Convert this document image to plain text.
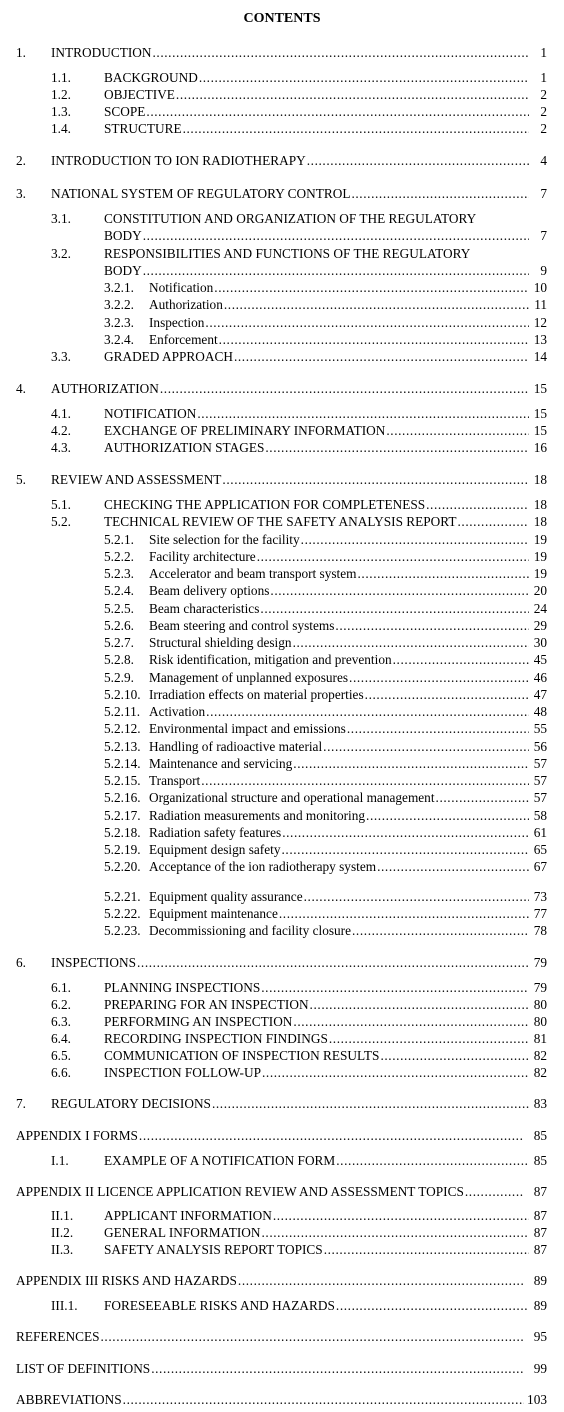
CONTENTS
1.	INTRODUCTION .....	1
1.1.	BACKGROUND .....	1
1.2.	OBJECTIVE .....	2
1.3.	SCOPE .....	2
1.4.	STRUCTURE .....	2
2.	INTRODUCTION TO ION RADIOTHERAPY .....	4
3.	NATIONAL SYSTEM OF REGULATORY CONTROL .....	7
3.1.	CONSTITUTION AND ORGANIZATION OF THE REGULATORY
BODY .....	7
3.2.	RESPONSIBILITIES AND FUNCTIONS OF THE REGULATORY
BODY .....	9
3.2.1.	Notification .....	10
3.2.2.	Authorization .....	11
3.2.3.	Inspection .....	12
3.2.4.	Enforcement .....	13
3.3.	GRADED APPROACH .....	14
4.	AUTHORIZATION .....	15
4.1.	NOTIFICATION .....	15
4.2.	EXCHANGE OF PRELIMINARY INFORMATION .....	15
4.3.	AUTHORIZATION STAGES .....	16
5.	REVIEW AND ASSESSMENT .....	18
5.1.	CHECKING THE APPLICATION FOR COMPLETENESS .....	18
5.2.	TECHNICAL REVIEW OF THE SAFETY ANALYSIS REPORT .....	18
5.2.1.	Site selection for the facility .....	19
5.2.2.	Facility architecture .....	19
5.2.3.	Accelerator and beam transport system .....	19
5.2.4.	Beam delivery options .....	20
5.2.5.	Beam characteristics .....	24
5.2.6.	Beam steering and control systems .....	29
5.2.7.	Structural shielding design .....	30
5.2.8.	Risk identification, mitigation and prevention .....	45
5.2.9.	Management of unplanned exposures .....	46
5.2.10. Irradiation effects on material properties .....	47
5.2.11. Activation .....	48
5.2.12. Environmental impact and emissions .....	55
5.2.13. Handling of radioactive material .....	56
5.2.14. Maintenance and servicing .....	57
5.2.15. Transport .....	57
5.2.16. Organizational structure and operational management .....	57
5.2.17. Radiation measurements and monitoring .....	58
5.2.18. Radiation safety features .....	61
5.2.19. Equipment design safety .....	65
5.2.20. Acceptance of the ion radiotherapy system .....	67
5.2.21. Equipment quality assurance .....	73
5.2.22. Equipment maintenance .....	77
5.2.23. Decommissioning and facility closure .....	78
6.	INSPECTIONS .....	79
6.1.	PLANNING INSPECTIONS .....	79
6.2.	PREPARING FOR AN INSPECTION .....	80
6.3.	PERFORMING AN INSPECTION .....	80
6.4.	RECORDING INSPECTION FINDINGS .....	81
6.5.	COMMUNICATION OF INSPECTION RESULTS .....	82
6.6.	INSPECTION FOLLOW-UP .....	82
7.	REGULATORY DECISIONS .....	83
APPENDIX I FORMS .....	85
I.1.	EXAMPLE OF A NOTIFICATION FORM .....	85
APPENDIX II LICENCE APPLICATION REVIEW AND ASSESSMENT TOPICS .....	87
II.1.	APPLICANT INFORMATION .....	87
II.2.	GENERAL INFORMATION .....	87
II.3.	SAFETY ANALYSIS REPORT TOPICS .....	87
APPENDIX III RISKS AND HAZARDS .....	89
III.1.	FORESEEABLE RISKS AND HAZARDS .....	89
REFERENCES .....	95
LIST OF DEFINITIONS .....	99
ABBREVIATIONS .....	103
